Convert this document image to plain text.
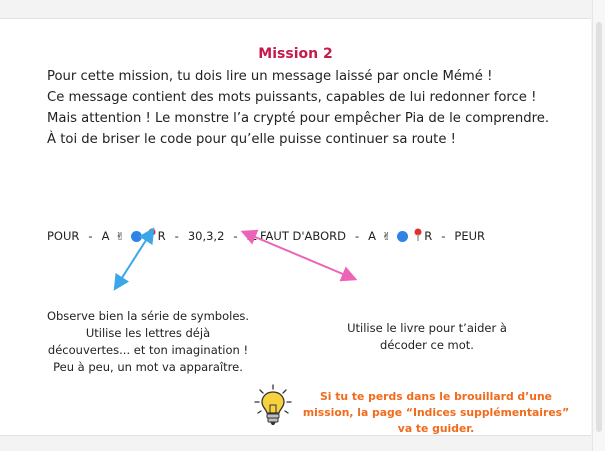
Mission 2
Pour cette mission, tu dois lire un message laissé par oncle Mémé !
Ce message contient des mots puissants, capables de lui redonner force !
Mais attention ! Le monstre l’a crypté pour empêcher Pia de le comprendre.
À toi de briser le code pour qu’elle puisse continuer sa route !
POUR - A ✌	R - 30,3,2 - IL FAUT D'ABORD - A ✌	R - PEUR
Observe bien la série de symboles.
Utilise les lettres déjà
découvertes... et ton imagination !
Peu à peu, un mot va apparaître.
Utilise le livre pour t’aider à
décoder ce mot.
Si tu te perds dans le brouillard d’une
mission, la page “Indices supplémentaires”
va te guider.
